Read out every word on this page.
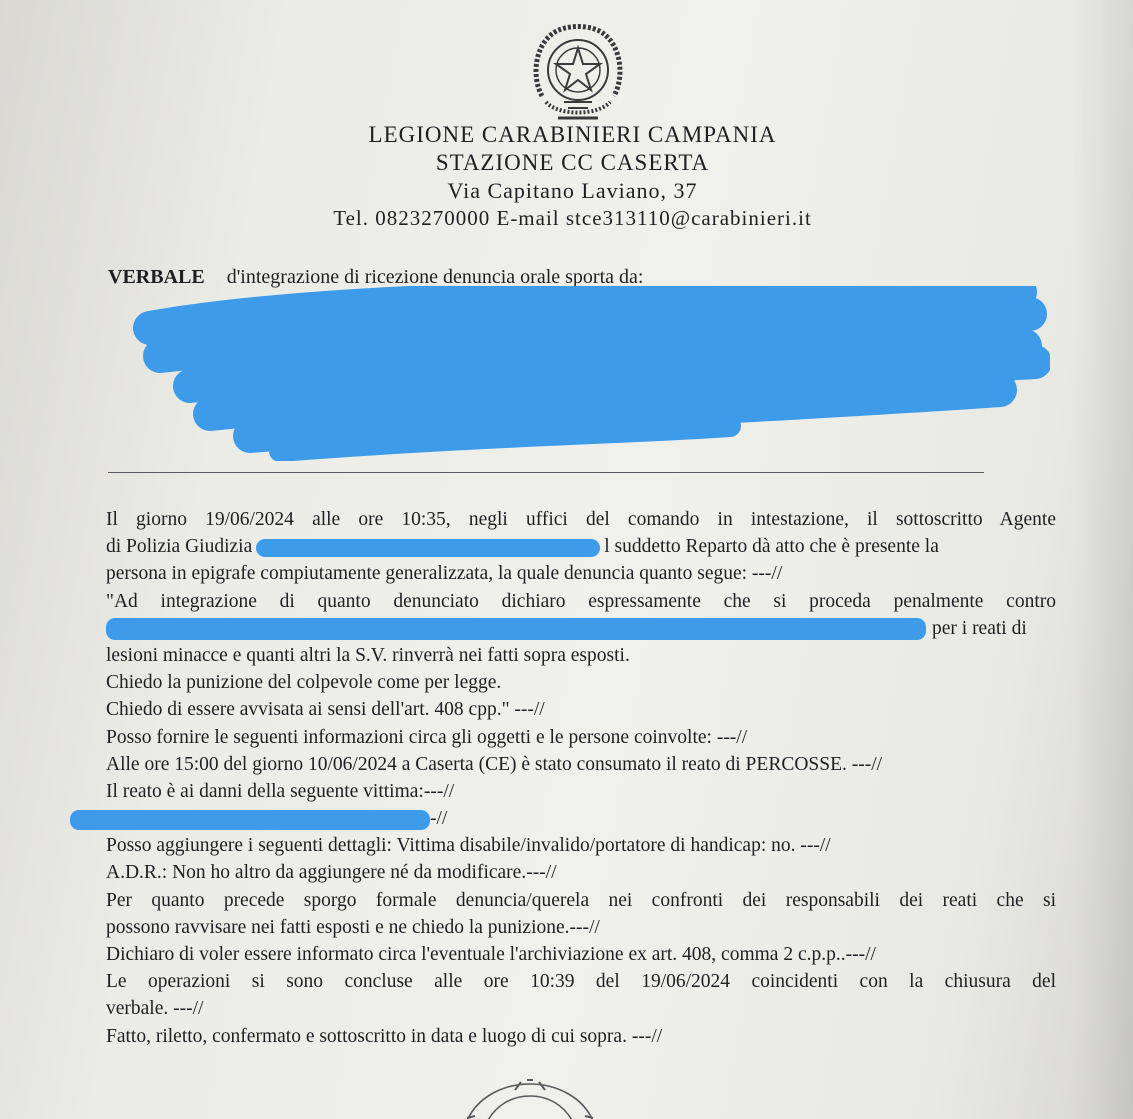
LEGIONE CARABINIERI CAMPANIA
STAZIONE CC CASERTA
Via Capitano Laviano, 37
Tel. 0823270000 E-mail stce313110@carabinieri.it
VERBALE d'integrazione di ricezione denuncia orale sporta da:
Il giorno 19/06/2024 alle ore 10:35, negli uffici del comando in intestazione, il sottoscritto Agente
di Polizia Giudizia	l suddetto Reparto dà atto che è presente la
persona in epigrafe compiutamente generalizzata, la quale denuncia quanto segue: ---//
"Ad integrazione di quanto denunciato dichiaro espressamente che si proceda penalmente contro
per i reati di
lesioni minacce e quanti altri la S.V. rinverrà nei fatti sopra esposti.
Chiedo la punizione del colpevole come per legge.
Chiedo di essere avvisata ai sensi dell'art. 408 cpp." ---//
Posso fornire le seguenti informazioni circa gli oggetti e le persone coinvolte: ---//
Alle ore 15:00 del giorno 10/06/2024 a Caserta (CE) è stato consumato il reato di PERCOSSE. ---//
Il reato è ai danni della seguente vittima:---//
-//
Posso aggiungere i seguenti dettagli: Vittima disabile/invalido/portatore di handicap: no. ---//
A.D.R.: Non ho altro da aggiungere né da modificare.---//
Per quanto precede sporgo formale denuncia/querela nei confronti dei responsabili dei reati che si
possono ravvisare nei fatti esposti e ne chiedo la punizione.---//
Dichiaro di voler essere informato circa l'eventuale l'archiviazione ex art. 408, comma 2 c.p.p..---//
Le operazioni si sono concluse alle ore 10:39 del 19/06/2024 coincidenti con la chiusura del
verbale. ---//
Fatto, riletto, confermato e sottoscritto in data e luogo di cui sopra. ---//
